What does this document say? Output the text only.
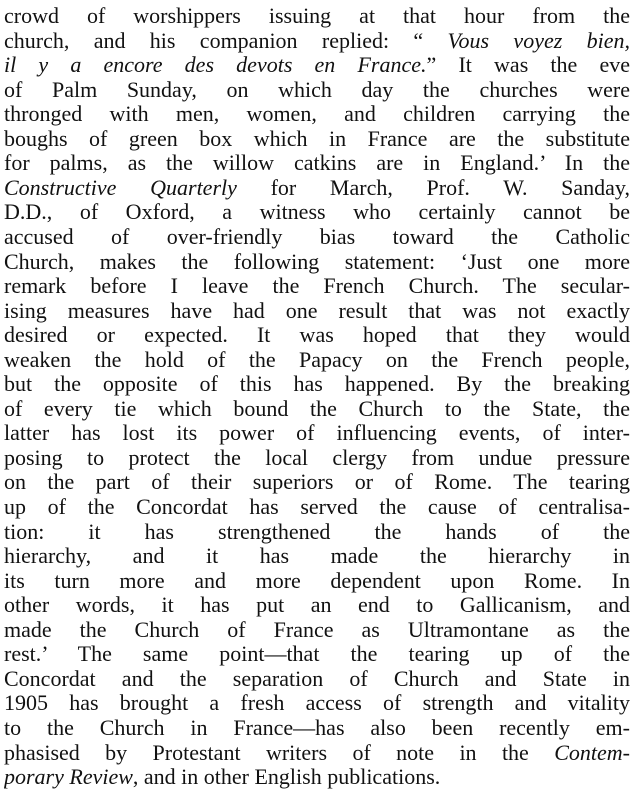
crowd of worshippers issuing at that hour from the
church, and his companion replied: “ Vous voyez bien,
il y a encore des devots en France.” It was the eve
of Palm Sunday, on which day the churches were
thronged with men, women, and children carrying the
boughs of green box which in France are the substitute
for palms, as the willow catkins are in England.’ In the
Constructive Quarterly for March, Prof. W. Sanday,
D.D., of Oxford, a witness who certainly cannot be
accused of over-friendly bias toward the Catholic
Church, makes the following statement: ‘Just one more
remark before I leave the French Church. The secular-
ising measures have had one result that was not exactly
desired or expected. It was hoped that they would
weaken the hold of the Papacy on the French people,
but the opposite of this has happened. By the breaking
of every tie which bound the Church to the State, the
latter has lost its power of influencing events, of inter-
posing to protect the local clergy from undue pressure
on the part of their superiors or of Rome. The tearing
up of the Concordat has served the cause of centralisa-
tion: it has strengthened the hands of the
hierarchy, and it has made the hierarchy in
its turn more and more dependent upon Rome. In
other words, it has put an end to Gallicanism, and
made the Church of France as Ultramontane as the
rest.’ The same point—that the tearing up of the
Concordat and the separation of Church and State in
1905 has brought a fresh access of strength and vitality
to the Church in France—has also been recently em-
phasised by Protestant writers of note in the Contem-
porary Review, and in other English publications.
